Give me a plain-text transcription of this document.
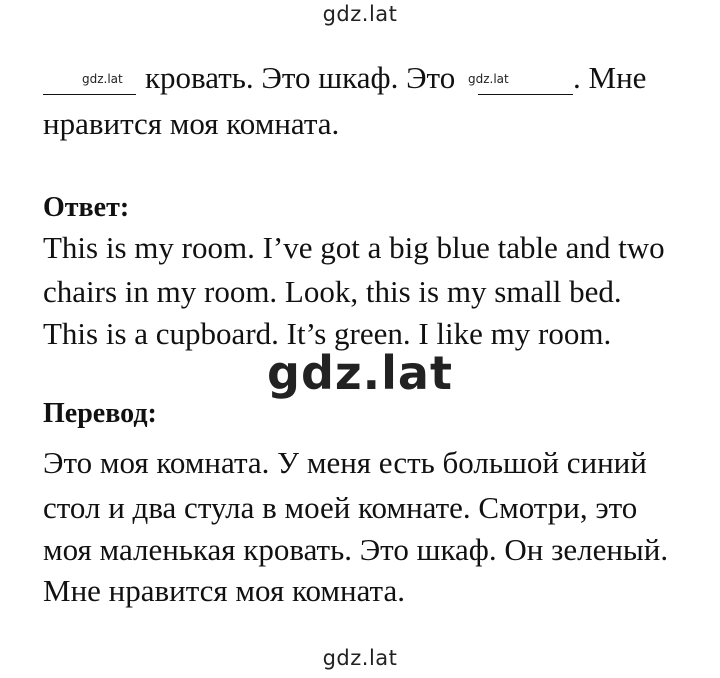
gdz.lat
gdz.lat кровать. Это шкаф. Это gdz.lat . Мне
нравится моя комната.
Ответ:
This is my room. I’ve got a big blue table and two
chairs in my room. Look, this is my small bed.
This is a cupboard. It’s green. I like my room.
gdz.lat
Перевод:
Это моя комната. У меня есть большой синий
стол и два стула в моей комнате. Смотри, это
моя маленькая кровать. Это шкаф. Он зеленый.
Мне нравится моя комната.
gdz.lat
